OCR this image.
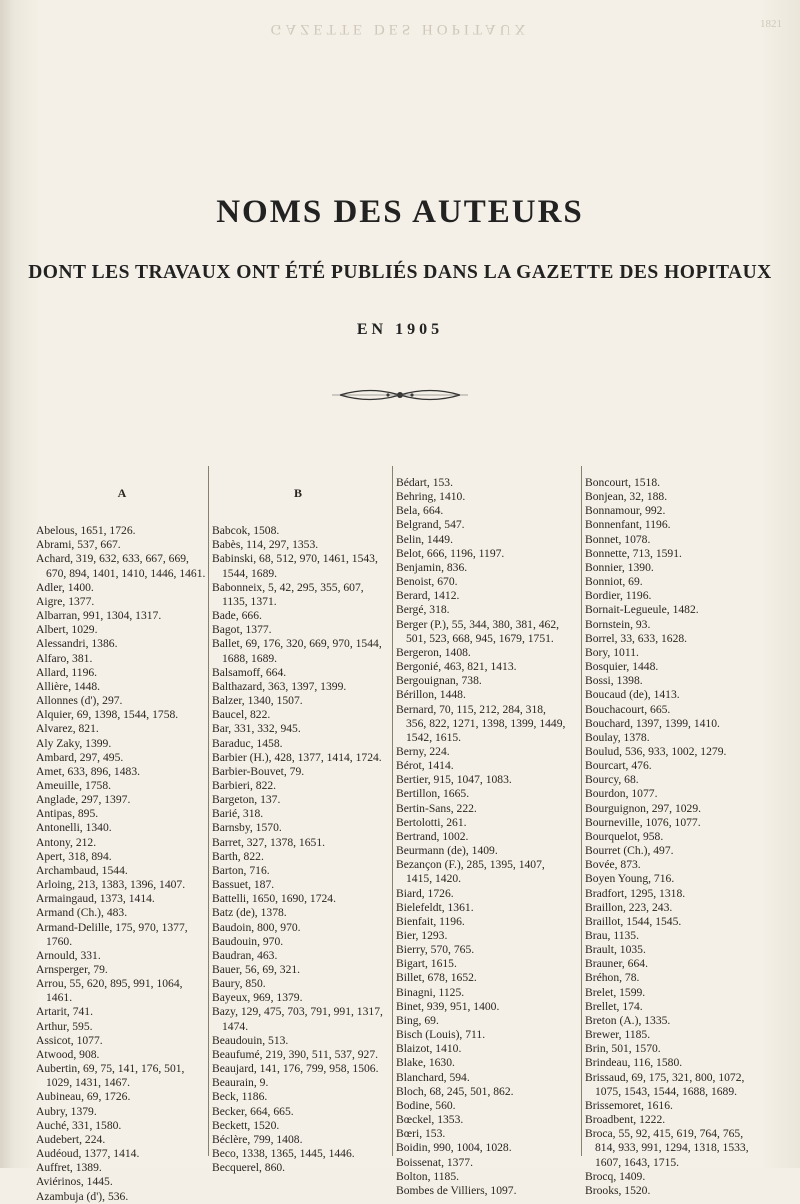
GAZETTE DES HOPITAUX	1821
NOMS DES AUTEURS
DONT LES TRAVAUX ONT ÉTÉ PUBLIÉS DANS LA GAZETTE DES HOPITAUX
EN 1905
A
Abelous, 1651, 1726.
Abrami, 537, 667.
Achard, 319, 632, 633, 667, 669, 670, 894, 1401, 1410, 1446, 1461.
Adler, 1400.
Aigre, 1377.
Albarran, 991, 1304, 1317.
Albert, 1029.
Alessandri, 1386.
Alfaro, 381.
Allard, 1196.
Allière, 1448.
Allonnes (d'), 297.
Alquier, 69, 1398, 1544, 1758.
Alvarez, 821.
Aly Zaky, 1399.
Ambard, 297, 495.
Amet, 633, 896, 1483.
Ameuille, 1758.
Anglade, 297, 1397.
Antipas, 895.
Antonelli, 1340.
Antony, 212.
Apert, 318, 894.
Archambaud, 1544.
Arloing, 213, 1383, 1396, 1407.
Armaingaud, 1373, 1414.
Armand (Ch.), 483.
Armand-Delille, 175, 970, 1377, 1760.
Arnould, 331.
Arnsperger, 79.
Arrou, 55, 620, 895, 991, 1064, 1461.
Artarit, 741.
Arthur, 595.
Assicot, 1077.
Atwood, 908.
Aubertin, 69, 75, 141, 176, 501, 1029, 1431, 1467.
Aubineau, 69, 1726.
Aubry, 1379.
Auché, 331, 1580.
Audebert, 224.
Audéoud, 1377, 1414.
Auffret, 1389.
Aviérinos, 1445.
Azambuja (d'), 536.
B
Babcok, 1508.
Babès, 114, 297, 1353.
Babinski, 68, 512, 970, 1461, 1543, 1544, 1689.
Babonneix, 5, 42, 295, 355, 607, 1135, 1371.
Bade, 666.
Bagot, 1377.
Ballet, 69, 176, 320, 669, 970, 1544, 1688, 1689.
Balsamoff, 664.
Balthazard, 363, 1397, 1399.
Balzer, 1340, 1507.
Baucel, 822.
Bar, 331, 332, 945.
Baraduc, 1458.
Barbier (H.), 428, 1377, 1414, 1724.
Barbier-Bouvet, 79.
Barbieri, 822.
Bargeton, 137.
Barié, 318.
Barnsby, 1570.
Barret, 327, 1378, 1651.
Barth, 822.
Barton, 716.
Bassuet, 187.
Battelli, 1650, 1690, 1724.
Batz (de), 1378.
Baudoin, 800, 970.
Baudouin, 970.
Baudran, 463.
Bauer, 56, 69, 321.
Baury, 850.
Bayeux, 969, 1379.
Bazy, 129, 475, 703, 791, 991, 1317, 1474.
Beaudouin, 513.
Beaufumé, 219, 390, 511, 537, 927.
Beaujard, 141, 176, 799, 958, 1506.
Beaurain, 9.
Beck, 1186.
Becker, 664, 665.
Beckett, 1520.
Béclère, 799, 1408.
Beco, 1338, 1365, 1445, 1446.
Becquerel, 860.
Bédart, 153.
Behring, 1410.
Bela, 664.
Belgrand, 547.
Belin, 1449.
Belot, 666, 1196, 1197.
Benjamin, 836.
Benoist, 670.
Berard, 1412.
Bergé, 318.
Berger (P.), 55, 344, 380, 381, 462, 501, 523, 668, 945, 1679, 1751.
Bergeron, 1408.
Bergonié, 463, 821, 1413.
Bergouignan, 738.
Bérillon, 1448.
Bernard, 70, 115, 212, 284, 318, 356, 822, 1271, 1398, 1399, 1449, 1542, 1615.
Berny, 224.
Bérot, 1414.
Bertier, 915, 1047, 1083.
Bertillon, 1665.
Bertin-Sans, 222.
Bertolotti, 261.
Bertrand, 1002.
Beurmann (de), 1409.
Bezançon (F.), 285, 1395, 1407, 1415, 1420.
Biard, 1726.
Bielefeldt, 1361.
Bienfait, 1196.
Bier, 1293.
Bierry, 570, 765.
Bigart, 1615.
Billet, 678, 1652.
Binagni, 1125.
Binet, 939, 951, 1400.
Bing, 69.
Bisch (Louis), 711.
Blaizot, 1410.
Blake, 1630.
Blanchard, 594.
Bloch, 68, 245, 501, 862.
Bodine, 560.
Bœckel, 1353.
Bœri, 153.
Boidin, 990, 1004, 1028.
Boissenat, 1377.
Bolton, 1185.
Bombes de Villiers, 1097.
Boncourt, 1518.
Bonjean, 32, 188.
Bonnamour, 992.
Bonnenfant, 1196.
Bonnet, 1078.
Bonnette, 713, 1591.
Bonnier, 1390.
Bonniot, 69.
Bordier, 1196.
Bornait-Legueule, 1482.
Bornstein, 93.
Borrel, 33, 633, 1628.
Bory, 1011.
Bosquier, 1448.
Bossi, 1398.
Boucaud (de), 1413.
Bouchacourt, 665.
Bouchard, 1397, 1399, 1410.
Boulay, 1378.
Boulud, 536, 933, 1002, 1279.
Bourcart, 476.
Bourcy, 68.
Bourdon, 1077.
Bourguignon, 297, 1029.
Bourneville, 1076, 1077.
Bourquelot, 958.
Bourret (Ch.), 497.
Bovée, 873.
Boyen Young, 716.
Bradfort, 1295, 1318.
Braillon, 223, 243.
Braillot, 1544, 1545.
Brau, 1135.
Brault, 1035.
Brauner, 664.
Bréhon, 78.
Brelet, 1599.
Brellet, 174.
Breton (A.), 1335.
Brewer, 1185.
Brin, 501, 1570.
Brindeau, 116, 1580.
Brissaud, 69, 175, 321, 800, 1072, 1075, 1543, 1544, 1688, 1689.
Brissemoret, 1616.
Broadbent, 1222.
Broca, 55, 92, 415, 619, 764, 765, 814, 933, 991, 1294, 1318, 1533, 1607, 1643, 1715.
Brocq, 1409.
Brooks, 1520.
